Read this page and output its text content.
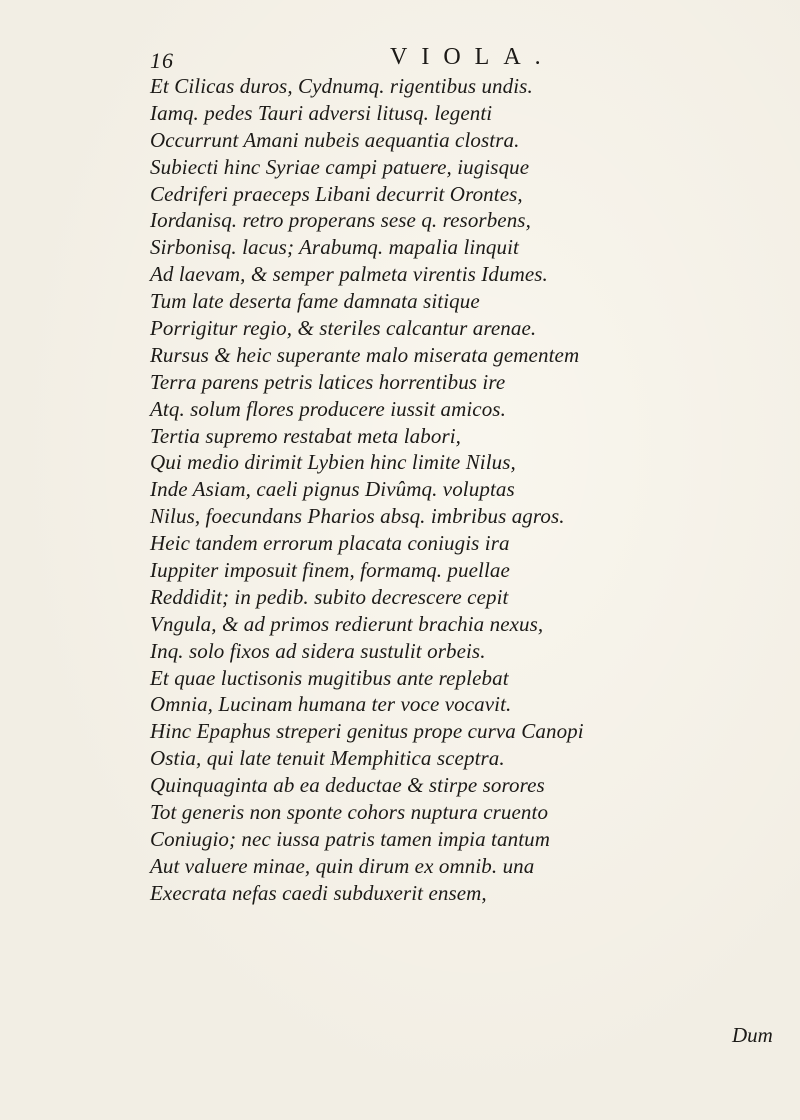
16	VIOLA.
Et Cilicas duros, Cydnumq. rigentibus undis.
Iamq. pedes Tauri adversi litusq. legenti
Occurrunt Amani nubeis aequantia clostra.
Subiecti hinc Syriae campi patuere, iugisque
Cedriferi praeceps Libani decurrit Orontes,
Iordanisq. retro properans sese q. resorbens,
Sirbonisq. lacus; Arabumq. mapalia linquit
Ad laevam, & semper palmeta virentis Idumes.
Tum late deserta fame damnata sitique
Porrigitur regio, & steriles calcantur arenae.
Rursus & heic superante malo miserata gementem
Terra parens petris latices horrentibus ire
Atq. solum flores producere iussit amicos.
Tertia supremo restabat meta labori,
Qui medio dirimit Lybien hinc limite Nilus,
Inde Asiam, caeli pignus Divûmq. voluptas
Nilus, foecundans Pharios absq. imbribus agros.
Heic tandem errorum placata coniugis ira
Iuppiter imposuit finem, formamq. puellae
Reddidit; in pedib. subito decrescere cepit
Vngula, & ad primos redierunt brachia nexus,
Inq. solo fixos ad sidera sustulit orbeis.
Et quae luctisonis mugitibus ante replebat
Omnia, Lucinam humana ter voce vocavit.
Hinc Epaphus streperi genitus prope curva Canopi
Ostia, qui late tenuit Memphitica sceptra.
Quinquaginta ab ea deductae & stirpe sorores
Tot generis non sponte cohors nuptura cruento
Coniugio; nec iussa patris tamen impia tantum
Aut valuere minae, quin dirum ex omnib. una
Execrata nefas caedi subduxerit ensem,
Dum
